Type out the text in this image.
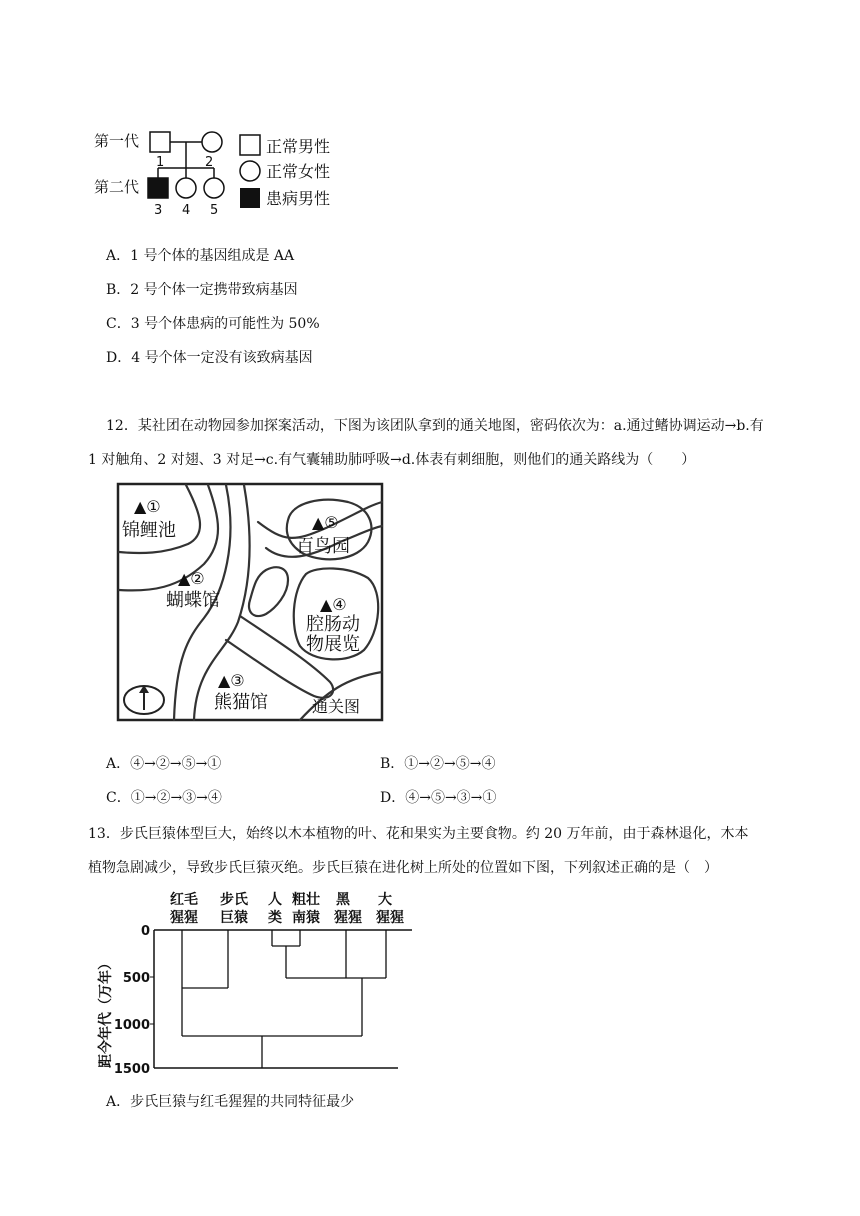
第一代
第二代
1	2
3 4 5
正常男性
正常女性
患病男性
A．1 号个体的基因组成是 AA
B．2 号个体一定携带致病基因
C．3 号个体患病的可能性为 50%
D．4 号个体一定没有该致病基因
12．某社团在动物园参加探案活动，下图为该团队拿到的通关地图，密码依次为：a.通过鳍协调运动→b.有
1 对触角、2 对翅、3 对足→c.有气囊辅助肺呼吸→d.体表有刺细胞，则他们的通关路线为（　　）
▲①
锦鲤池
▲②
蝴蝶馆
▲⑤
百鸟园
▲④
腔肠动
物展览
▲③
熊猫馆	通关图
A．④→②→⑤→①	B．①→②→⑤→④
C．①→②→③→④	D．④→⑤→③→①
13．步氏巨猿体型巨大，始终以木本植物的叶、花和果实为主要食物。约 20 万年前，由于森林退化，木本
植物急剧减少，导致步氏巨猿灭绝。步氏巨猿在进化树上所处的位置如下图，下列叙述正确的是（　）
红毛
猩猩
步氏
巨猿
人
类
粗壮
南猿
黑
猩猩
大
猩猩
0
500
1000
1500
距今年代（万年）
A．步氏巨猿与红毛猩猩的共同特征最少
